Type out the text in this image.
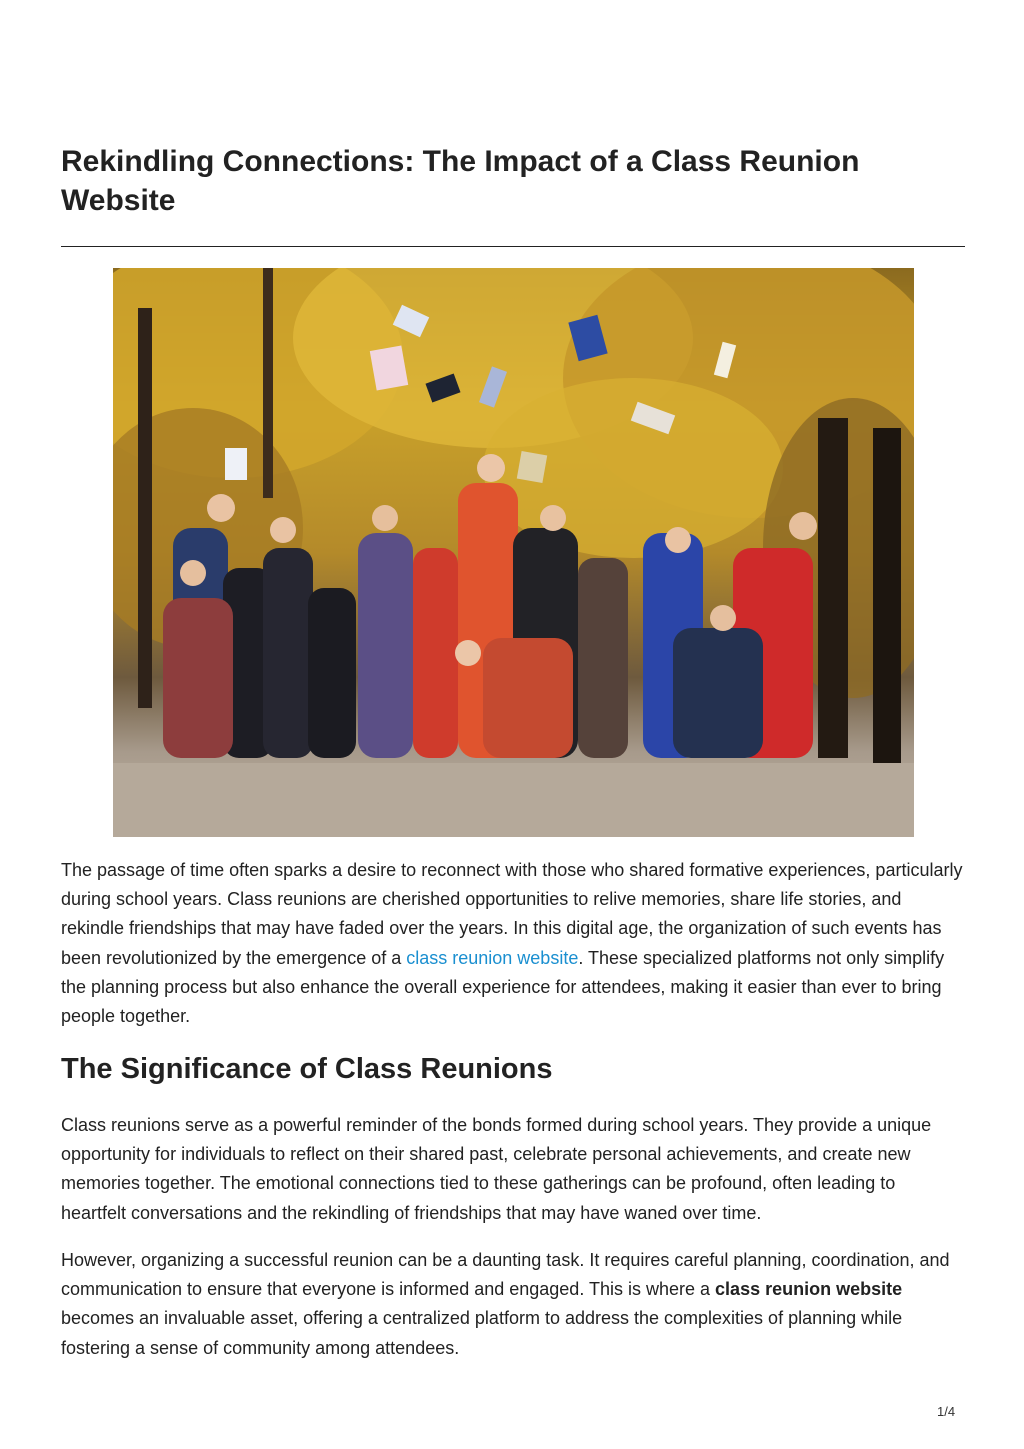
Rekindling Connections: The Impact of a Class Reunion Website

The passage of time often sparks a desire to reconnect with those who shared formative experiences, particularly during school years. Class reunions are cherished opportunities to relive memories, share life stories, and rekindle friendships that may have faded over the years. In this digital age, the organization of such events has been revolutionized by the emergence of a class reunion website. These specialized platforms not only simplify the planning process but also enhance the overall experience for attendees, making it easier than ever to bring people together.

The Significance of Class Reunions

Class reunions serve as a powerful reminder of the bonds formed during school years. They provide a unique opportunity for individuals to reflect on their shared past, celebrate personal achievements, and create new memories together. The emotional connections tied to these gatherings can be profound, often leading to heartfelt conversations and the rekindling of friendships that may have waned over time.

However, organizing a successful reunion can be a daunting task. It requires careful planning, coordination, and communication to ensure that everyone is informed and engaged. This is where a class reunion website becomes an invaluable asset, offering a centralized platform to address the complexities of planning while fostering a sense of community among attendees.

1/4
